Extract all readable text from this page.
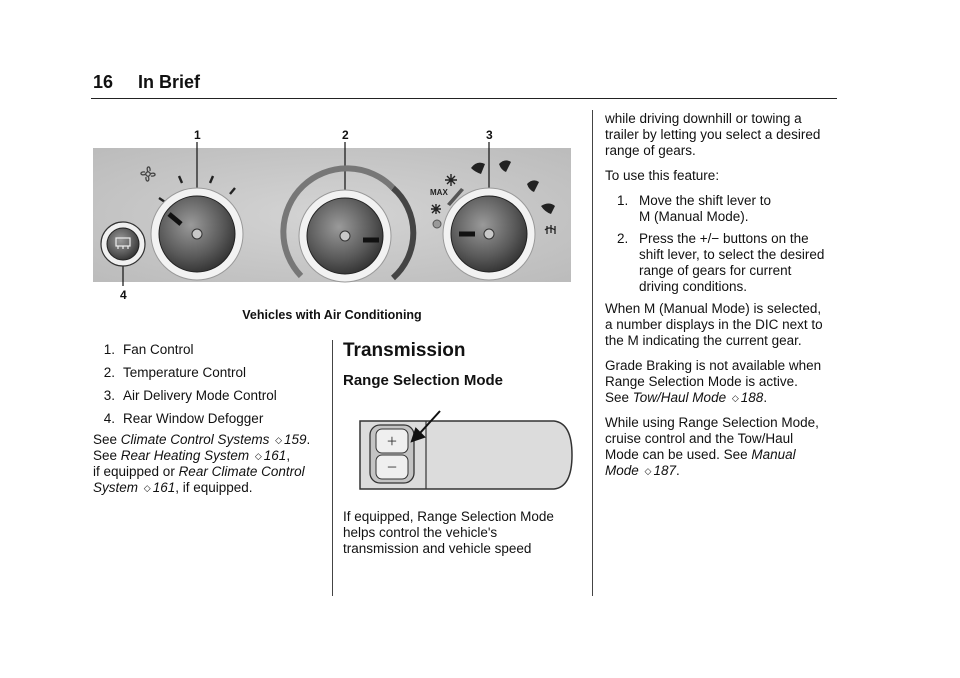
16 In Brief
MAX
1	2	3
4
Vehicles with Air Conditioning
1. Fan Control
2. Temperature Control
3. Air Delivery Mode Control
4. Rear Window Defogger
See Climate Control Systems ◇ 159.
See Rear Heating System ◇ 161,
if equipped or Rear Climate Control
System ◇ 161, if equipped.
Transmission
Range Selection Mode
+
−
If equipped, Range Selection Mode
helps control the vehicle's
transmission and vehicle speed
while driving downhill or towing a
trailer by letting you select a desired
range of gears.
To use this feature:
1. Move the shift lever to
M (Manual Mode).
2. Press the +/− buttons on the
shift lever, to select the desired
range of gears for current
driving conditions.
When M (Manual Mode) is selected,
a number displays in the DIC next to
the M indicating the current gear.
Grade Braking is not available when
Range Selection Mode is active.
See Tow/Haul Mode ◇ 188.
While using Range Selection Mode,
cruise control and the Tow/Haul
Mode can be used. See Manual
Mode ◇ 187.
